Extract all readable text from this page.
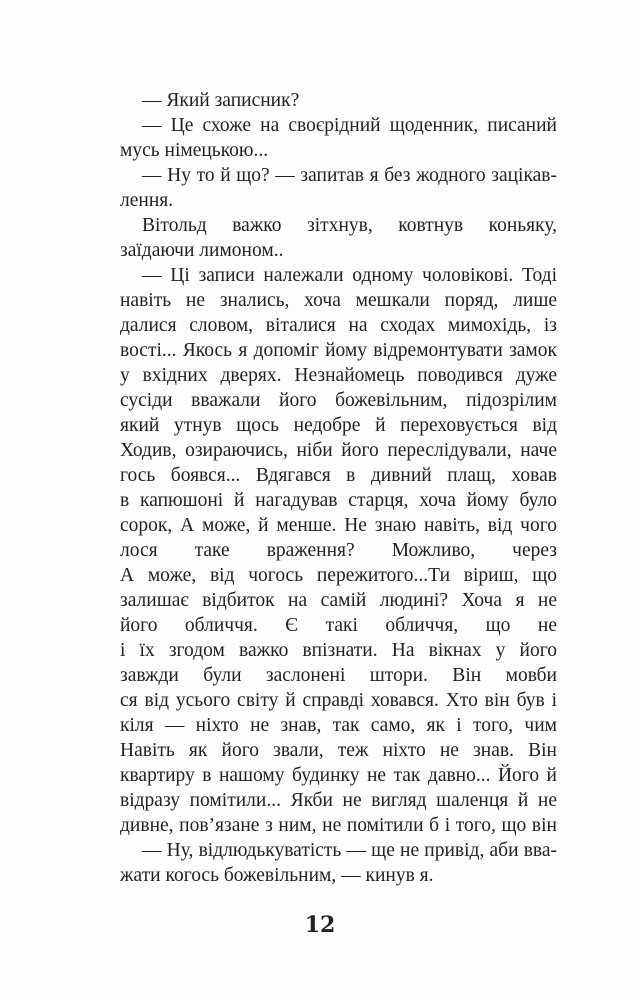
— Який записник?
— Це схоже на своєрідний щоденник, писаний
мусь німецькою...
— Ну то й що? — запитав я без жодного зацікав-
лення.
Вітольд важко зітхнув, ковтнув коньяку,
заїдаючи лимоном..
— Ці записи належали одному чоловікові. Тоді
навіть не знались, хоча мешкали поряд, лише
далися словом, віталися на сходах мимохідь, із
вості... Якось я допоміг йому відремонтувати замок
у вхідних дверях. Незнайомець поводився дуже
сусіди вважали його божевільним, підозрілим
який утнув щось недобре й переховується від
Ходив, озираючись, ніби його переслідували, наче
гось боявся... Вдягався в дивний плащ, ховав
в капюшоні й нагадував старця, хоча йому було
сорок, А може, й менше. Не знаю навіть, від чого
лося таке враження? Можливо, через
А може, від чогось пережитого...Ти віриш, що
залишає відбиток на самій людині? Хоча я не
його обличчя. Є такі обличчя, що не
і їх згодом важко впізнати. На вікнах у його
завжди були заслонені штори. Він мовби
ся від усього світу й справді ховався. Хто він був і
кіля — ніхто не знав, так само, як і того, чим
Навіть як його звали, теж ніхто не знав. Він
квартиру в нашому будинку не так давно... Його й
відразу помітили... Якби не вигляд шаленця й не
дивне, пов’язане з ним, не помітили б і того, що він
— Ну, відлюдькуватість — ще не привід, аби вва-
жати когось божевільним, — кинув я.
12
